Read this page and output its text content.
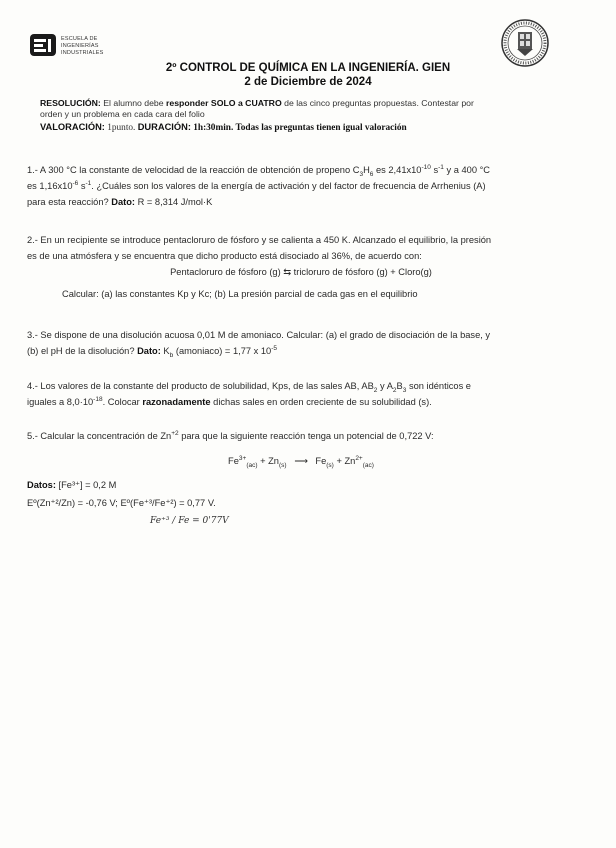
ESCUELA DE INGENIERÍAS
INDUSTRIALES
2º CONTROL DE QUÍMICA EN LA INGENIERÍA. GIEN
2 de Diciembre de 2024
RESOLUCIÓN: El alumno debe responder SOLO a CUATRO de las cinco preguntas propuestas. Contestar por
orden y un problema en cada cara del folio
VALORACIÓN: 1punto. DURACIÓN: 1h:30min. Todas las preguntas tienen igual valoración
1.- A 300 °C la constante de velocidad de la reacción de obtención de propeno $C_3H_6$ es $2,41x10^{-10}$ $s^{-1}$ y a 400 °C
es $1,16x10^{-6}$ $s^{-1}$. ¿Cuáles son los valores de la energía de activación y del factor de frecuencia de Arrhenius (A)
para esta reacción? Dato: R = 8,314 J/mol·K
2.- En un recipiente se introduce pentacloruro de fósforo y se calienta a 450 K. Alcanzado el equilibrio, la presión
es de una atmósfera y se encuentra que dicho producto está disociado al 36%, de acuerdo con:
Pentacloruro de fósforo (g) ⇆ tricloruro de fósforo (g) + Cloro(g)
Calcular: (a) las constantes Kp y Kc; (b) La presión parcial de cada gas en el equilibrio
3.- Se dispone de una disolución acuosa 0,01 M de amoniaco. Calcular: (a) el grado de disociación de la base, y
(b) el pH de la disolución? Dato: $K_b$ (amoniaco) = 1,77 x $10^{-5}$
4.- Los valores de la constante del producto de solubilidad, Kps, de las sales AB, $AB_2$ y $A_2B_3$ son idénticos e
iguales a $8,0\cdot 10^{-18}$. Colocar razonadamente dichas sales en orden creciente de su solubilidad (s).
5.- Calcular la concentración de $Zn^{+2}$ para que la siguiente reacción tenga un potencial de 0,722 V:
$Fe^{3+}_{(ac)} + Zn_{(s)}$ ⟶ $Fe_{(s)} + Zn^{2+}_{(ac)}$
Datos: [Fe³⁺] = 0,2 M
Eº(Zn⁺²/Zn) = -0,76 V; Eº(Fe⁺³/Fe⁺²) = 0,77 V.
Fe⁺³ / Fe = 0'77V
